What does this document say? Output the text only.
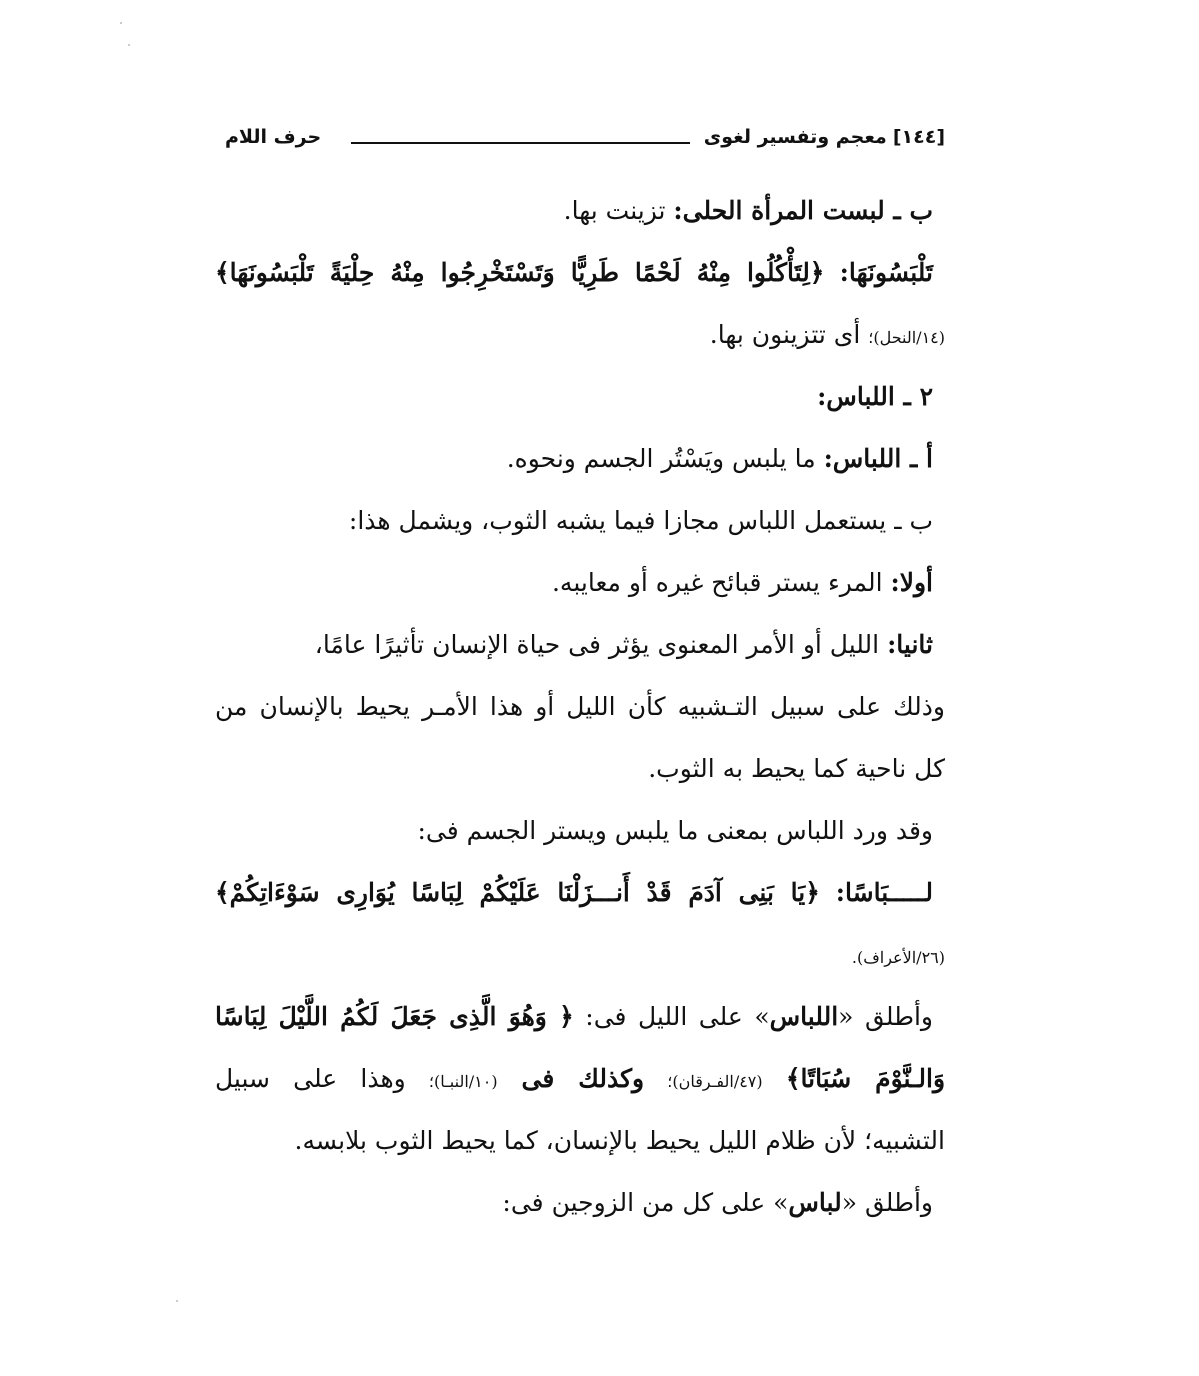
[١٤٤]
معجم وتفسير لغوى
حرف اللام
ب ـ لبست المرأة الحلى: تزينت بها.
تَلْبَسُونَهَا: ﴿لِتَأْكُلُوا مِنْهُ لَحْمًا طَرِيًّا وَتَسْتَخْرِجُوا مِنْهُ حِلْيَةً تَلْبَسُونَهَا﴾
(١٤/النحل)؛ أى تتزينون بها.
٢ ـ اللباس:
أ ـ اللباس: ما يلبس ويَسْتُر الجسم ونحوه.
ب ـ يستعمل اللباس مجازا فيما يشبه الثوب، ويشمل هذا:
أولا: المرء يستر قبائح غيره أو معايبه.
ثانيا: الليل أو الأمر المعنوى يؤثر فى حياة الإنسان تأثيرًا عامًا،
وذلك على سبيل التـشبيه كأن الليل أو هذا الأمـر يحيط بالإنسان من
كل ناحية كما يحيط به الثوب.
وقد ورد اللباس بمعنى ما يلبس ويستر الجسم فى:
لـــــبَاسًا: ﴿يَا بَنِى آدَمَ قَدْ أَنـــزَلْنَا عَلَيْكُمْ لِبَاسًا يُوَارِى سَوْءَاتِكُمْ﴾
(٢٦/الأعراف).
وأطلق «اللباس» على الليل فى: ﴿ وَهُوَ الَّذِى جَعَلَ لَكُمُ اللَّيْلَ لِبَاسًا
وَالـنَّوْمَ سُبَاتًا﴾ (٤٧/الفـرقان)؛ وكذلك فى (١٠/النبـا)؛ وهذا على سبيل
التشبيه؛ لأن ظلام الليل يحيط بالإنسان، كما يحيط الثوب بلابسه.
وأطلق «لباس» على كل من الزوجين فى:
